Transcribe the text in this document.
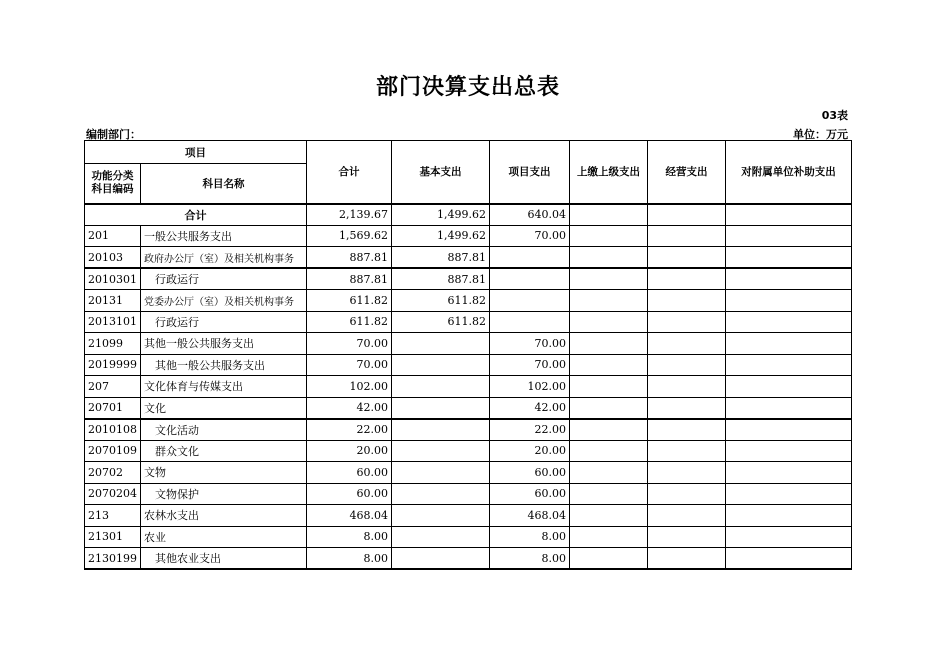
部门决算支出总表
03表
编制部门：	单位：万元
项目		合计	基本支出	项目支出	上缴上级支出	经营支出	对附属单位补助支出

功能分类
科目编码	科目名称						
合计		2,139.67	1,499.62	640.04			
201	一般公共服务支出	1,569.62	1,499.62	70.00			
20103	政府办公厅（室）及相关机构事务	887.81	887.81				
2010301	行政运行	887.81	887.81				
20131	党委办公厅（室）及相关机构事务	611.82	611.82				
2013101	行政运行	611.82	611.82				
21099	其他一般公共服务支出	70.00		70.00			
2019999	其他一般公共服务支出	70.00		70.00			
207	文化体育与传媒支出	102.00		102.00			
20701	文化	42.00		42.00			
2010108	文化活动	22.00		22.00			
2070109	群众文化	20.00		20.00			
20702	文物	60.00		60.00			
2070204	文物保护	60.00		60.00			
213	农林水支出	468.04		468.04			
21301	农业	8.00		8.00			
2130199	其他农业支出	8.00		8.00			
